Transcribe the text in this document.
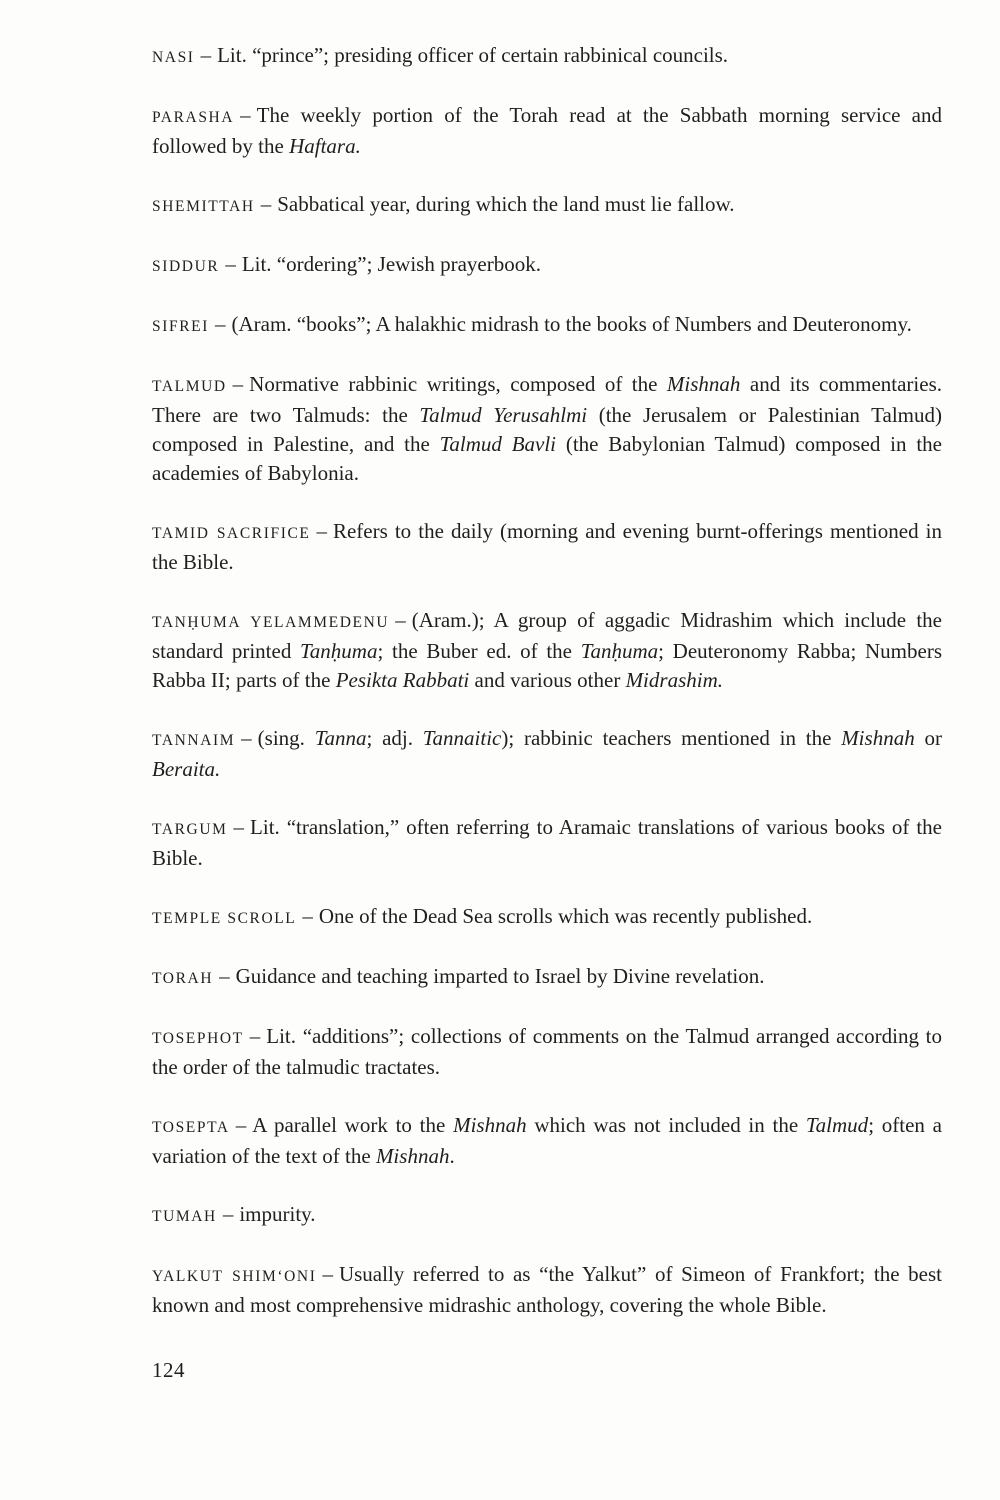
NASI – Lit. “prince”; presiding officer of certain rabbinical councils.

PARASHA – The weekly portion of the Torah read at the Sabbath morning service and followed by the Haftara.

SHEMITTAH – Sabbatical year, during which the land must lie fallow.

SIDDUR – Lit. “ordering”; Jewish prayerbook.

SIFREI – (Aram. “books”; A halakhic midrash to the books of Numbers and Deuteronomy.

TALMUD – Normative rabbinic writings, composed of the Mishnah and its commentaries. There are two Talmuds: the Talmud Yerusahlmi (the Jerusalem or Palestinian Talmud) composed in Palestine, and the Talmud Bavli (the Babylonian Talmud) composed in the academies of Babylonia.

TAMID SACRIFICE – Refers to the daily (morning and evening burnt-offerings mentioned in the Bible.

TANḤUMA YELAMMEDENU – (Aram.); A group of aggadic Midrashim which include the standard printed Tanḥuma; the Buber ed. of the Tanḥuma; Deuteronomy Rabba; Numbers Rabba II; parts of the Pesikta Rabbati and various other Midrashim.

TANNAIM – (sing. Tanna; adj. Tannaitic); rabbinic teachers mentioned in the Mishnah or Beraita.

TARGUM – Lit. “translation,” often referring to Aramaic translations of various books of the Bible.

TEMPLE SCROLL – One of the Dead Sea scrolls which was recently published.

TORAH – Guidance and teaching imparted to Israel by Divine revelation.

TOSEPHOT – Lit. “additions”; collections of comments on the Talmud arranged according to the order of the talmudic tractates.

TOSEPTA – A parallel work to the Mishnah which was not included in the Talmud; often a variation of the text of the Mishnah.

TUMAH – impurity.

YALKUT SHIM‘ONI – Usually referred to as “the Yalkut” of Simeon of Frankfort; the best known and most comprehensive midrashic anthology, covering the whole Bible.

124
